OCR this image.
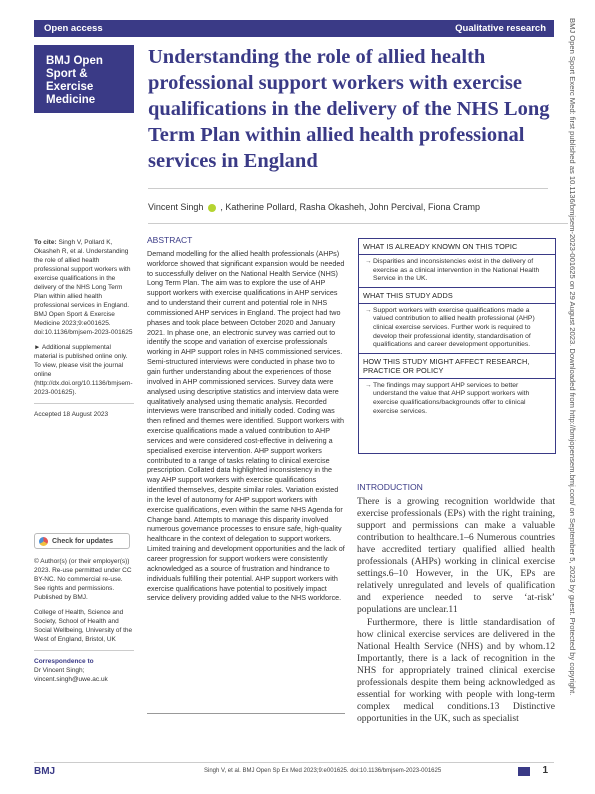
Open access	Qualitative research
BMJ Open
Sport &
Exercise
Medicine
Understanding the role of allied health professional support workers with exercise qualifications in the delivery of the NHS Long Term Plan within allied health professional services in England
Vincent Singh , Katherine Pollard, Rasha Okasheh, John Percival, Fiona Cramp

To cite: Singh V, Pollard K, Okasheh R, et al. Understanding the role of allied health professional support workers with exercise qualifications in the delivery of the NHS Long Term Plan within allied health professional services in England. BMJ Open Sport & Exercise Medicine 2023;9:e001625. doi:10.1136/bmjsem-2023-001625

► Additional supplemental material is published online only. To view, please visit the journal online (http://dx.doi.org/10.1136/bmjsem-2023-001625).

Accepted 18 August 2023

Check for updates

© Author(s) (or their employer(s)) 2023. Re-use permitted under CC BY-NC. No commercial re-use. See rights and permissions. Published by BMJ.

College of Health, Science and Society, School of Health and Social Wellbeing, University of the West of England, Bristol, UK

Correspondence to
Dr Vincent Singh; vincent.singh@uwe.ac.uk

ABSTRACT

Demand modelling for the allied health professionals (AHPs) workforce showed that significant expansion would be needed to successfully deliver on the National Health Service (NHS) Long Term Plan. The aim was to explore the use of AHP support workers with exercise qualifications in AHP services and to understand their current and potential role in NHS commissioned AHP services in England. The project had two phases and took place between October 2020 and January 2021. In phase one, an electronic survey was carried out to identify the scope and variation of exercise professionals working in AHP support roles in NHS commissioned services. Semi-structured interviews were conducted in phase two to gain further understanding about the experiences of those involved in AHP commissioned services. Survey data were analysed using descriptive statistics and interview data were qualitatively analysed using thematic analysis. Recorded interviews were transcribed and initially coded. Coding was then refined and themes were identified. Support workers with exercise qualifications made a valued contribution to AHP services and were considered cost-effective in delivering a specialised exercise intervention. AHP support workers contributed to a range of tasks relating to clinical exercise prescription. Collated data highlighted inconsistency in the way AHP support workers with exercise qualifications identified themselves, despite similar roles. Variation existed in the level of autonomy for AHP support workers with exercise qualifications, even within the same NHS Agenda for Change band. Attempts to manage this disparity involved numerous governance processes to ensure safe, high-quality healthcare in the context of delegation to support workers. Limited training and development opportunities and the lack of career progression for support workers were consistently acknowledged as a source of frustration and hindrance to individuals fulfilling their potential. AHP support workers with exercise qualifications have potential to positively impact service delivery providing added value to the NHS workforce.

WHAT IS ALREADY KNOWN ON THIS TOPIC
→ Disparities and inconsistencies exist in the delivery of exercise as a clinical intervention in the National Health Service in the UK.
WHAT THIS STUDY ADDS
→ Support workers with exercise qualifications made a valued contribution to allied health professional (AHP) clinical exercise services. Further work is required to develop their professional identity, standardisation of qualifications and career development opportunities.
HOW THIS STUDY MIGHT AFFECT RESEARCH, PRACTICE OR POLICY
→ The findings may support AHP services to better understand the value that AHP support workers with exercise qualifications/backgrounds offer to clinical exercise services.
INTRODUCTION

There is a growing recognition worldwide that exercise professionals (EPs) with the right training, support and permissions can make a valuable contribution to healthcare.1–6 Numerous countries have accredited tertiary qualified allied health professionals (AHPs) working in clinical exercise settings.6–10 However, in the UK, EPs are relatively unregulated and levels of qualification and experience needed to serve ‘at-risk’ populations are unclear.11

Furthermore, there is little standardisation of how clinical exercise services are delivered in the National Health Service (NHS) and by whom.12 Importantly, there is a lack of recognition in the NHS for appropriately trained clinical exercise professionals despite them being acknowledged as essential for working with people with long-term complex medical conditions.13 Distinctive opportunities in the UK, such as specialist

BMJ Open Sport Exerc Med: first published as 10.1136/bmjsem-2023-001625 on 29 August 2023. Downloaded from http://bmjopensem.bmj.com/ on September 5, 2023 by guest. Protected by copyright.
BMJ	Singh V, et al. BMJ Open Sp Ex Med 2023;9:e001625. doi:10.1136/bmjsem-2023-001625	1
